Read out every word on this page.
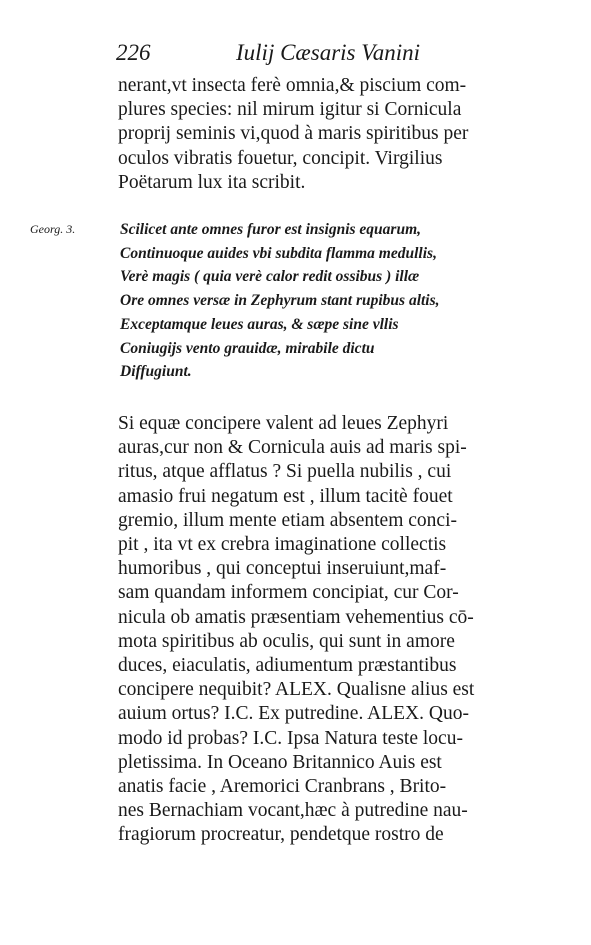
226	Iulij Cæsaris Vanini
nerant,vt insecta ferè omnia,& piscium com-
plures species: nil mirum igitur si Cornicula
proprij seminis vi,quod à maris spiritibus per
oculos vibratis fouetur, concipit. Virgilius
Poëtarum lux ita scribit.
Georg. 3.	Scilicet ante omnes furor est insignis equarum,
Continuoque auides vbi subdita flamma medullis,
Verè magis ( quia verè calor redit ossibus ) illæ
Ore omnes versæ in Zephyrum stant rupibus altis,
Exceptamque leues auras, & sæpe sine vllis
Coniugijs vento grauidæ, mirabile dictu
Diffugiunt.
Si equæ concipere valent ad leues Zephyri
auras,cur non & Cornicula auis ad maris spi-
ritus, atque afflatus ? Si puella nubilis , cui
amasio frui negatum est , illum tacitè fouet
gremio, illum mente etiam absentem conci-
pit , ita vt ex crebra imaginatione collectis
humoribus , qui conceptui inseruiunt,maf-
sam quandam informem concipiat, cur Cor-
nicula ob amatis præsentiam vehementius cō-
mota spiritibus ab oculis, qui sunt in amore
duces, eiaculatis, adiumentum præstantibus
concipere nequibit? ALEX. Qualisne alius est
auium ortus? I.C. Ex putredine. ALEX. Quo-
modo id probas? I.C. Ipsa Natura teste locu-
pletissima. In Oceano Britannico Auis est
anatis facie , Aremorici Cranbrans , Brito-
nes Bernachiam vocant,hæc à putredine nau-
fragiorum procreatur, pendetque rostro de
